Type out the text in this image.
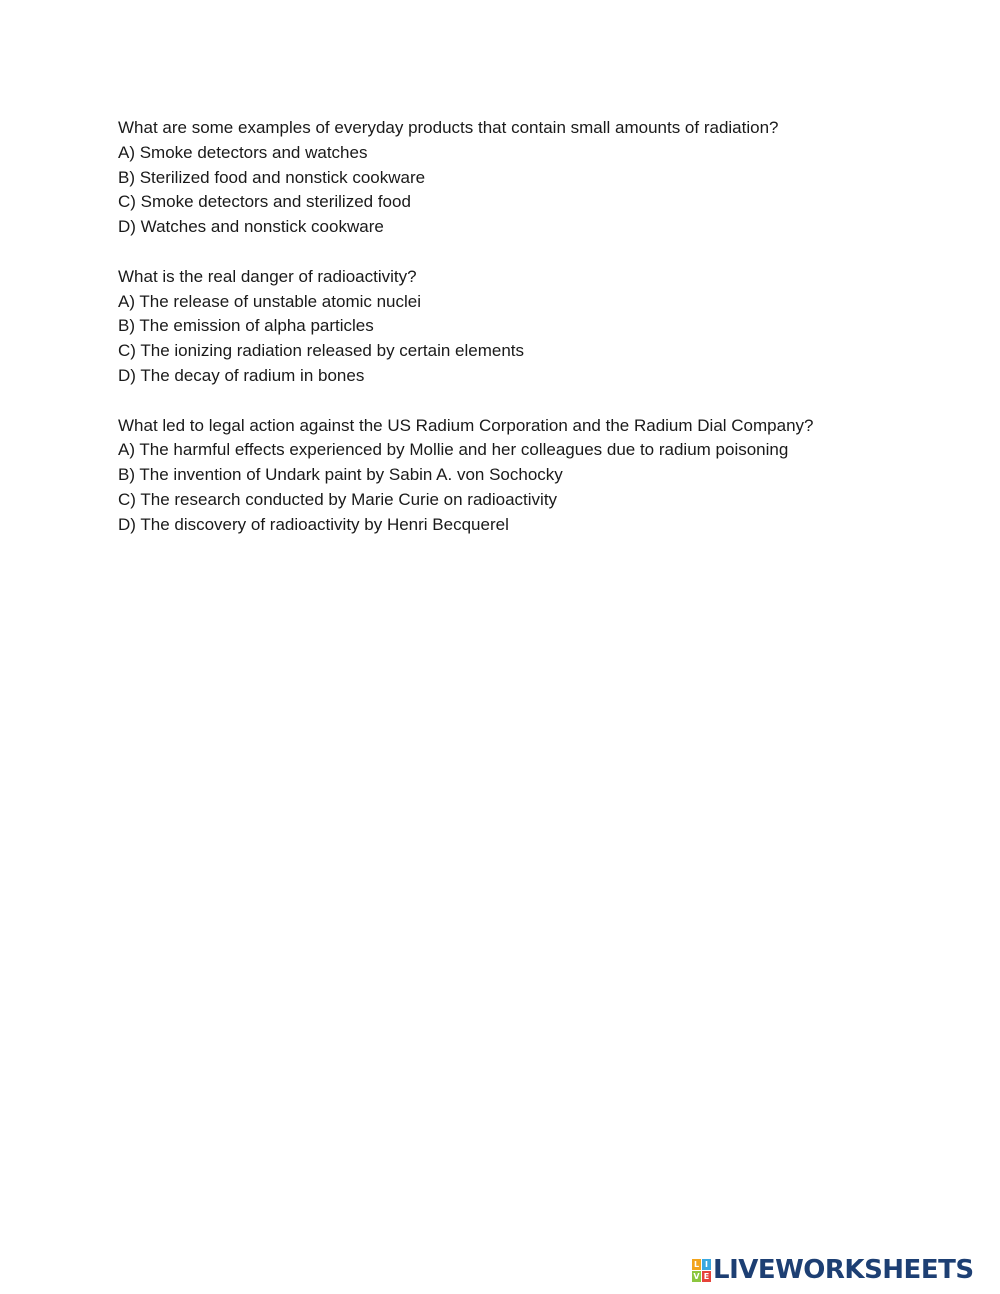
What are some examples of everyday products that contain small amounts of radiation?
A) Smoke detectors and watches
B) Sterilized food and nonstick cookware
C) Smoke detectors and sterilized food
D) Watches and nonstick cookware
What is the real danger of radioactivity?
A) The release of unstable atomic nuclei
B) The emission of alpha particles
C) The ionizing radiation released by certain elements
D) The decay of radium in bones
What led to legal action against the US Radium Corporation and the Radium Dial Company?
A) The harmful effects experienced by Mollie and her colleagues due to radium poisoning
B) The invention of Undark paint by Sabin A. von Sochocky
C) The research conducted by Marie Curie on radioactivity
D) The discovery of radioactivity by Henri Becquerel
L I
V E LIVEWORKSHEETS
